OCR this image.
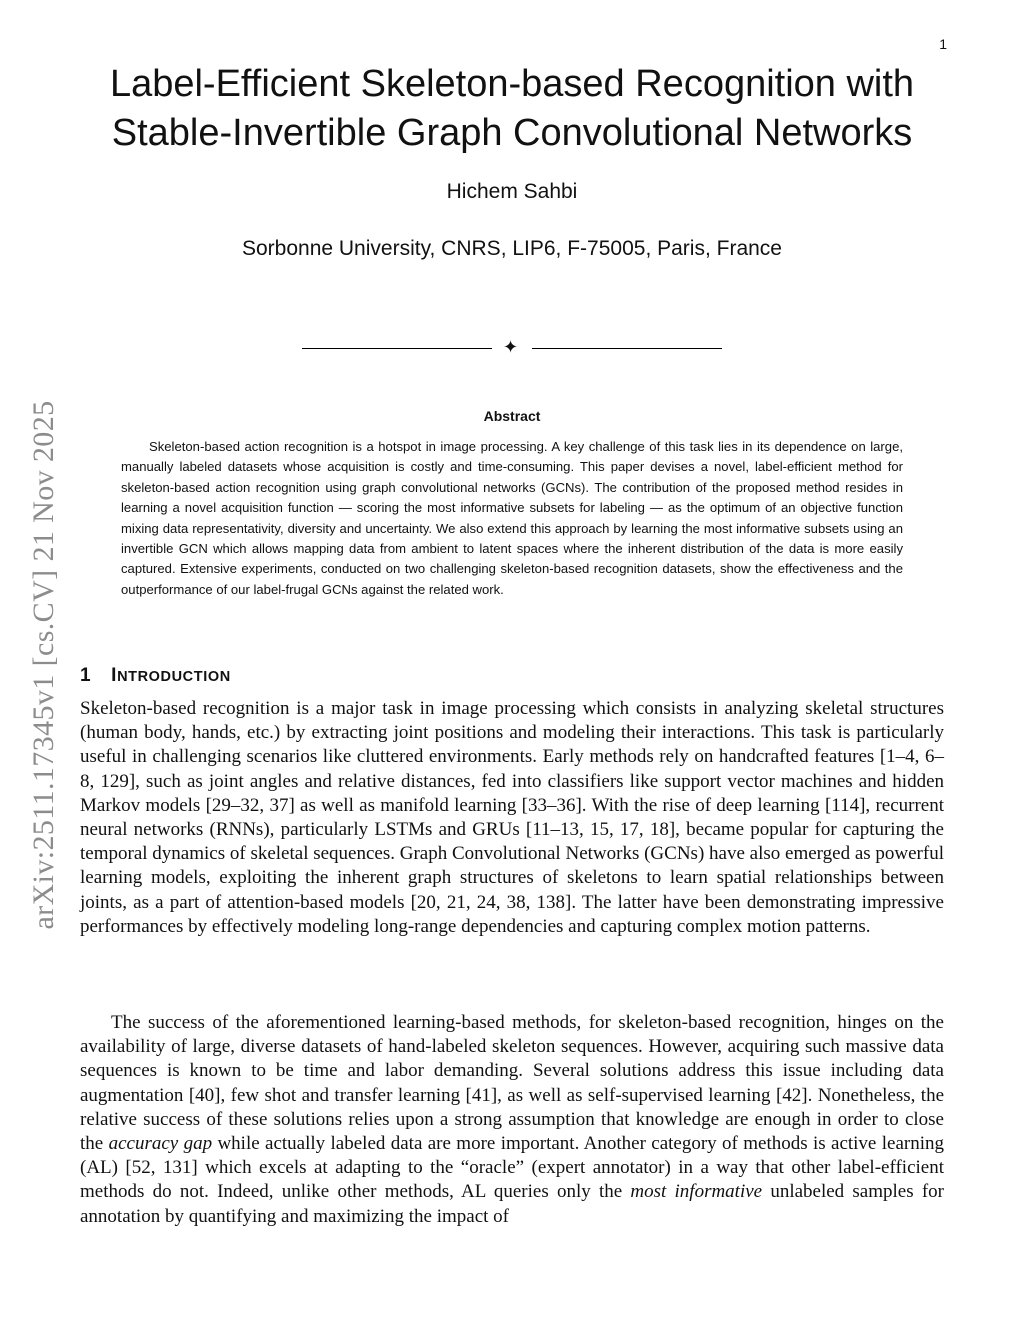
1
arXiv:2511.17345v1 [cs.CV] 21 Nov 2025
Label-Efficient Skeleton-based Recognition with
Stable-Invertible Graph Convolutional Networks
Hichem Sahbi
Sorbonne University, CNRS, LIP6, F-75005, Paris, France
✦
Abstract

Skeleton-based action recognition is a hotspot in image processing. A key challenge of this task lies in its dependence on large, manually labeled datasets whose acquisition is costly and time-consuming. This paper devises a novel, label-efficient method for skeleton-based action recognition using graph convolutional networks (GCNs). The contribution of the proposed method resides in learning a novel acquisition function — scoring the most informative subsets for labeling — as the optimum of an objective function mixing data representativity, diversity and uncertainty. We also extend this approach by learning the most informative subsets using an invertible GCN which allows mapping data from ambient to latent spaces where the inherent distribution of the data is more easily captured. Extensive experiments, conducted on two challenging skeleton-based recognition datasets, show the effectiveness and the outperformance of our label-frugal GCNs against the related work.

1 INTRODUCTION

Skeleton-based recognition is a major task in image processing which consists in analyzing skeletal structures (human body, hands, etc.) by extracting joint positions and modeling their interactions. This task is particularly useful in challenging scenarios like cluttered environments. Early methods rely on handcrafted features [1–4, 6–8, 129], such as joint angles and relative distances, fed into classifiers like support vector machines and hidden Markov models [29–32, 37] as well as manifold learning [33–36]. With the rise of deep learning [114], recurrent neural networks (RNNs), particularly LSTMs and GRUs [11–13, 15, 17, 18], became popular for capturing the temporal dynamics of skeletal sequences. Graph Convolutional Networks (GCNs) have also emerged as powerful learning models, exploiting the inherent graph structures of skeletons to learn spatial relationships between joints, as a part of attention-based models [20, 21, 24, 38, 138]. The latter have been demonstrating impressive performances by effectively modeling long-range dependencies and capturing complex motion patterns.

The success of the aforementioned learning-based methods, for skeleton-based recognition, hinges on the availability of large, diverse datasets of hand-labeled skeleton sequences. However, acquiring such massive data sequences is known to be time and labor demanding. Several solutions address this issue including data augmentation [40], few shot and transfer learning [41], as well as self-supervised learning [42]. Nonetheless, the relative success of these solutions relies upon a strong assumption that knowledge are enough in order to close the accuracy gap while actually labeled data are more important. Another category of methods is active learning (AL) [52, 131] which excels at adapting to the “oracle” (expert annotator) in a way that other label-efficient methods do not. Indeed, unlike other methods, AL queries only the most informative unlabeled samples for annotation by quantifying and maximizing the impact of
